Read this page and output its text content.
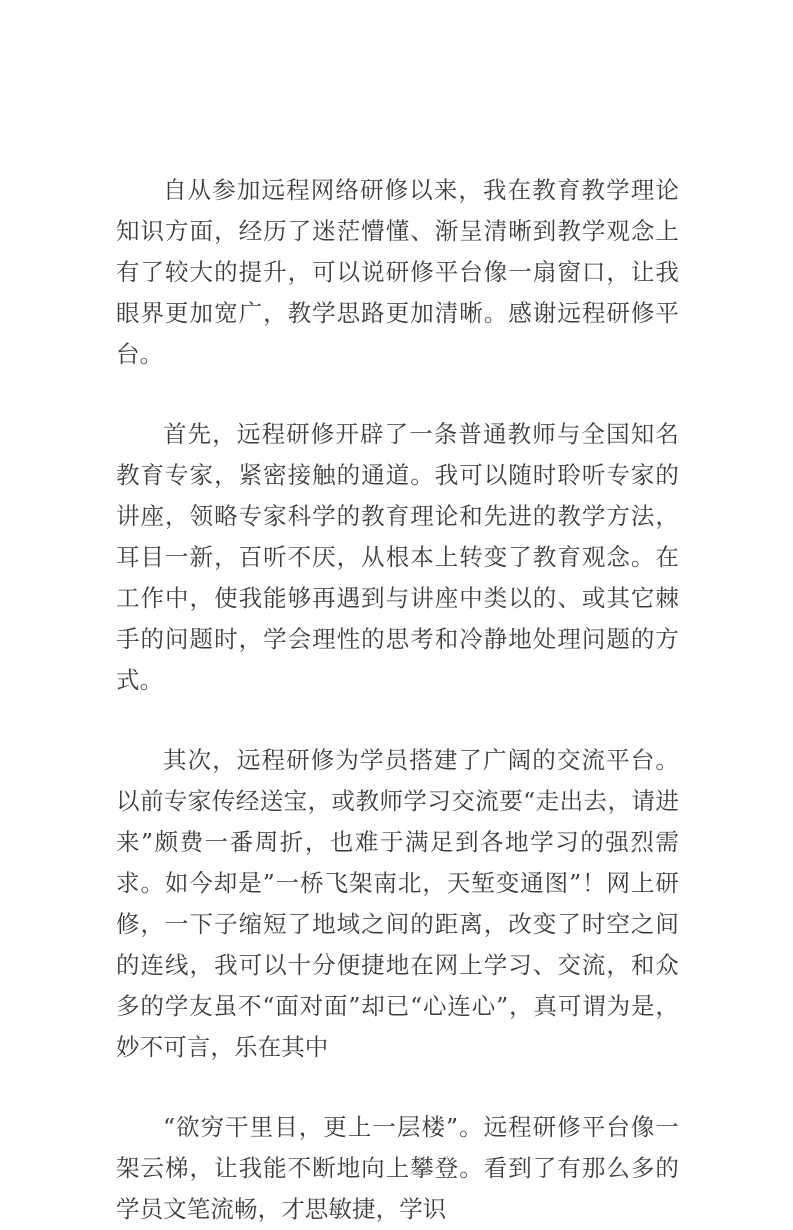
自从参加远程网络研修以来，我在教育教学理论知识方面，经历了迷茫懵懂、渐呈清晰到教学观念上有了较大的提升，可以说研修平台像一扇窗口，让我眼界更加宽广，教学思路更加清晰。感谢远程研修平台。

首先，远程研修开辟了一条普通教师与全国知名教育专家，紧密接触的通道。我可以随时聆听专家的讲座，领略专家科学的教育理论和先进的教学方法，耳目一新，百听不厌，从根本上转变了教育观念。在工作中，使我能够再遇到与讲座中类以的、或其它棘手的问题时，学会理性的思考和冷静地处理问题的方式。

其次，远程研修为学员搭建了广阔的交流平台。以前专家传经送宝，或教师学习交流要“走出去，请进来”颇费一番周折，也难于满足到各地学习的强烈需求。如今却是”一桥飞架南北，天堑变通图”！网上研修，一下子缩短了地域之间的距离，改变了时空之间的连线，我可以十分便捷地在网上学习、交流，和众多的学友虽不“面对面”却已“心连心”，真可谓为是，妙不可言，乐在其中

“欲穷干里目，更上一层楼”。远程研修平台像一架云梯，让我能不断地向上攀登。看到了有那么多的学员文笔流畅，才思敏捷，学识
